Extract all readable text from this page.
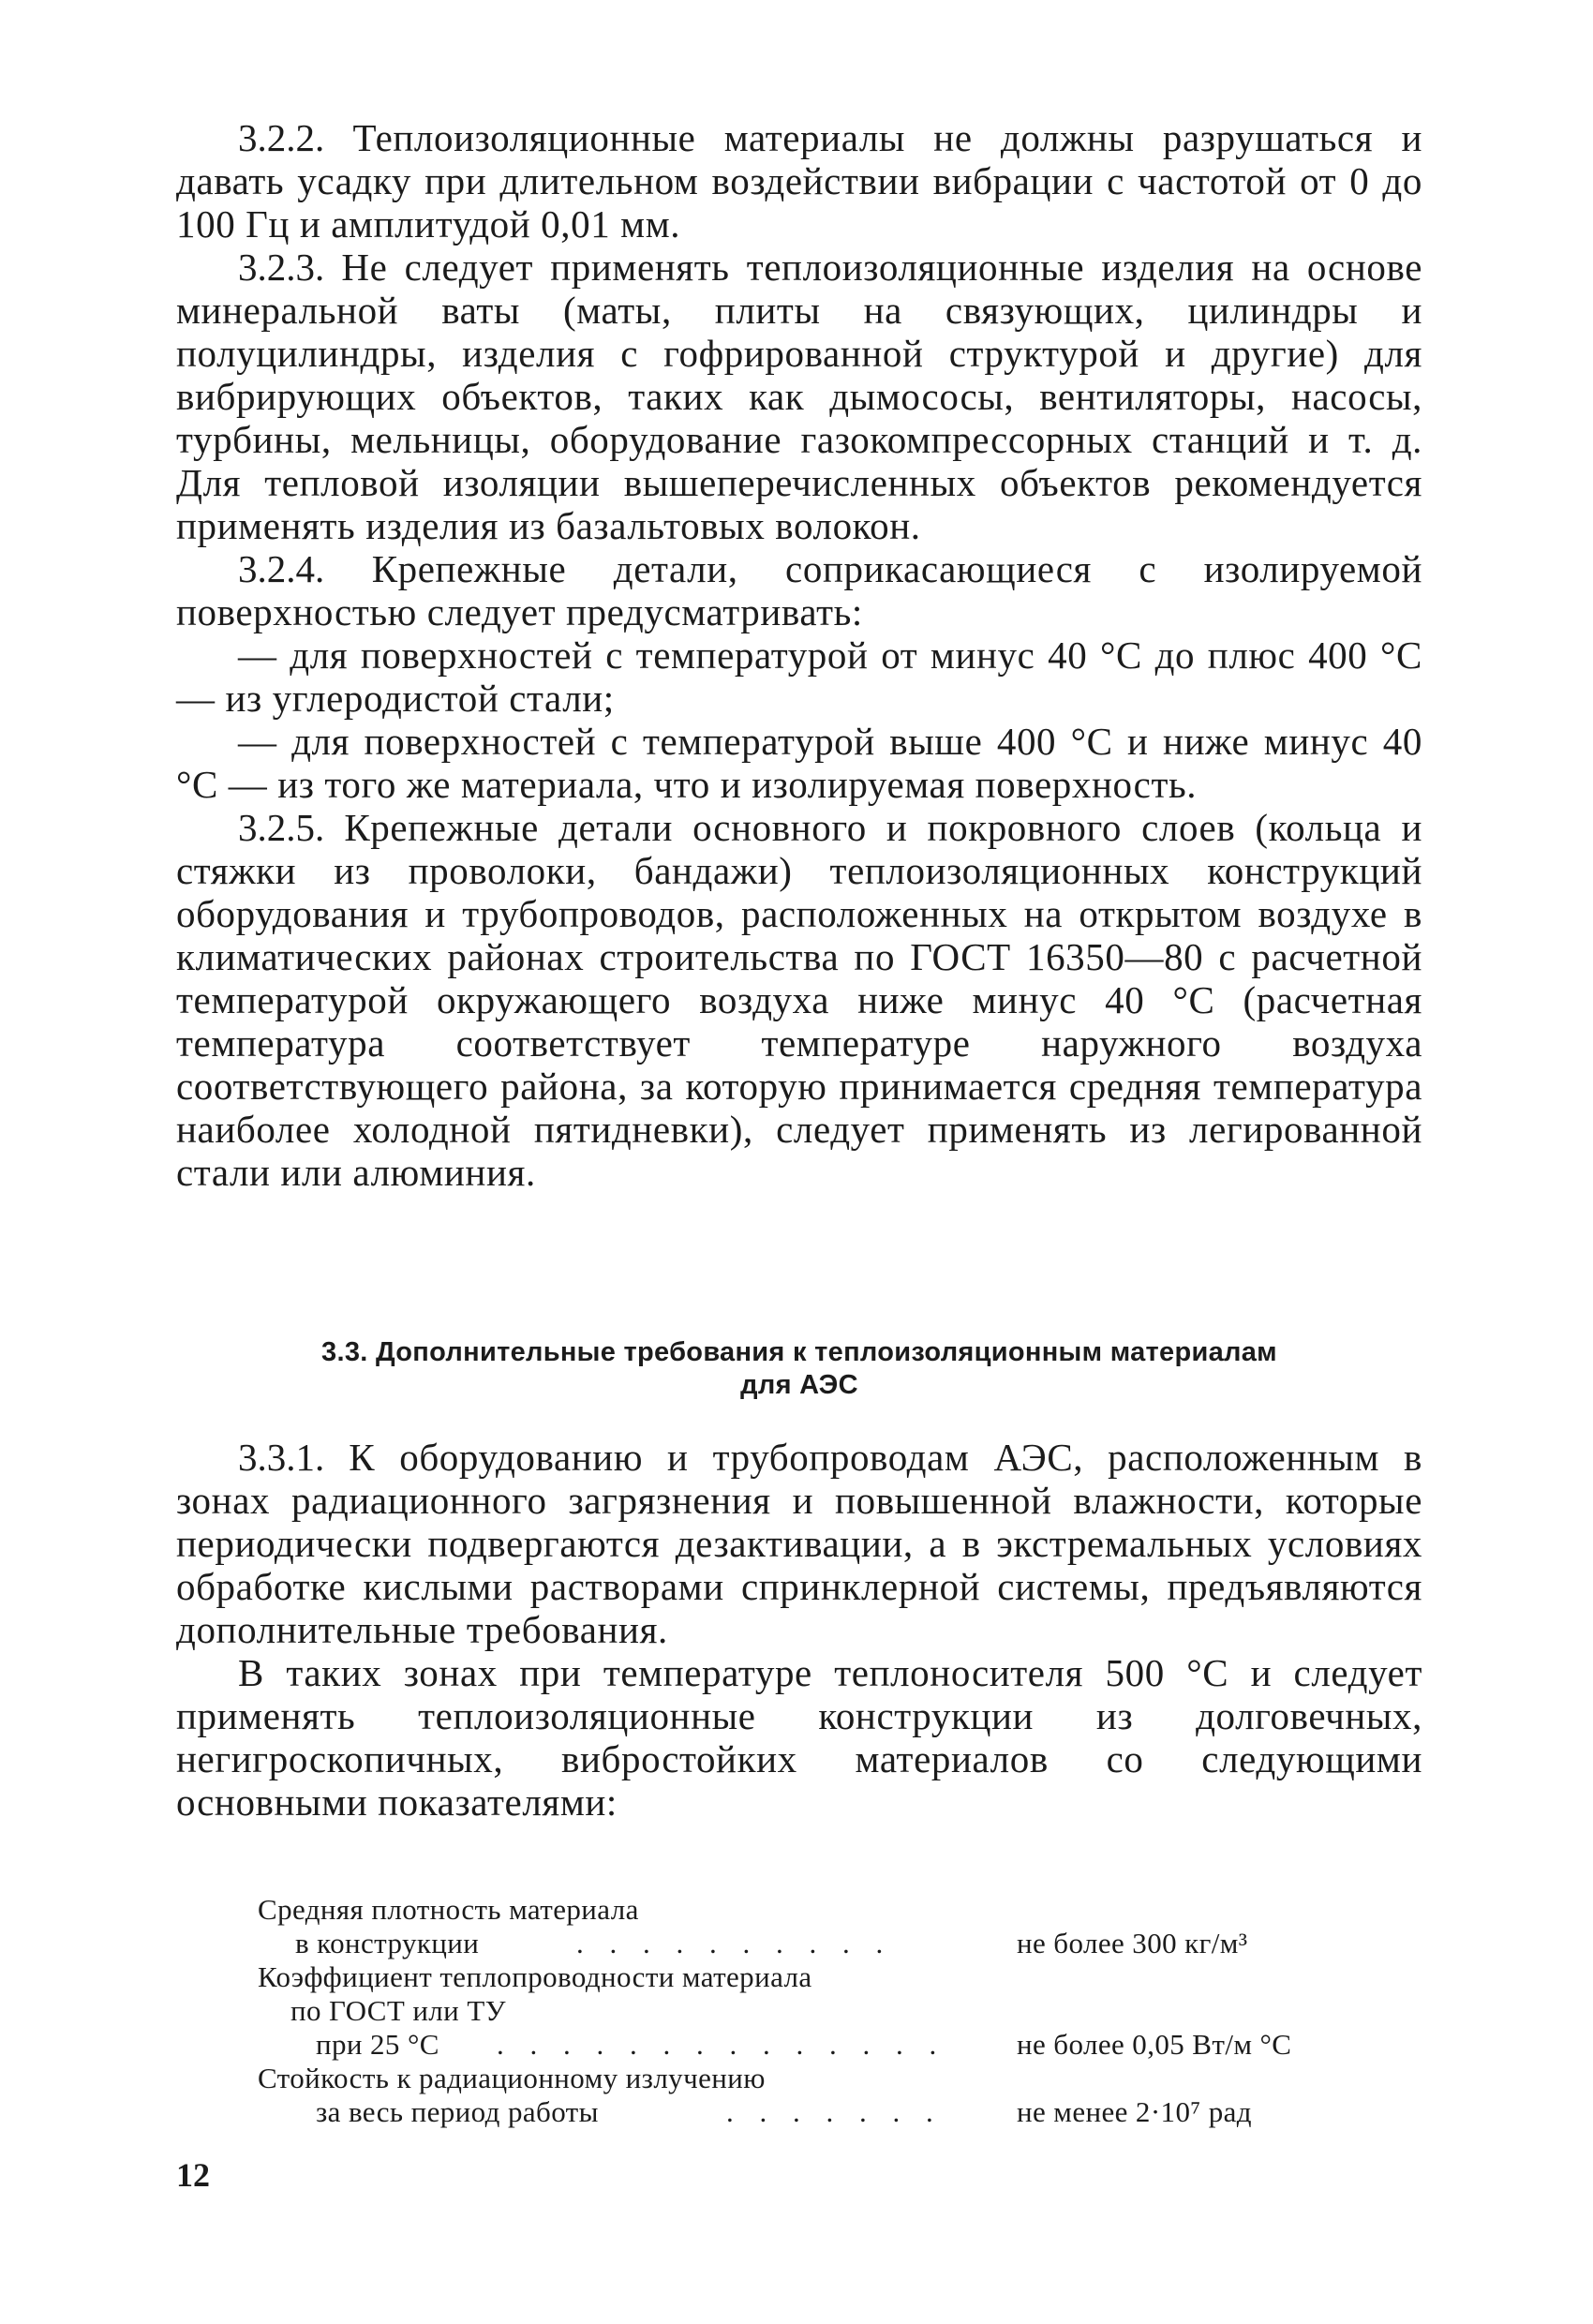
3.2.2. Теплоизоляционные материалы не должны разрушаться и давать усадку при длительном воздействии вибрации с частотой от 0 до 100 Гц и амплитудой 0,01 мм.

3.2.3. Не следует применять теплоизоляционные изделия на основе минеральной ваты (маты, плиты на связующих, цилиндры и полуцилиндры, изделия с гофрированной структурой и другие) для вибрирующих объектов, таких как дымососы, вентиляторы, насосы, турбины, мельницы, оборудование газокомпрессорных станций и т. д. Для тепловой изоляции вышеперечисленных объектов рекомендуется применять изделия из базальтовых волокон.

3.2.4. Крепежные детали, соприкасающиеся с изолируемой поверхностью следует предусматривать:

— для поверхностей с температурой от минус 40 °C до плюс 400 °C — из углеродистой стали;

— для поверхностей с температурой выше 400 °C и ниже минус 40 °C — из того же материала, что и изолируемая поверхность.

3.2.5. Крепежные детали основного и покровного слоев (кольца и стяжки из проволоки, бандажи) теплоизоляционных конструкций оборудования и трубопроводов, расположенных на открытом воздухе в климатических районах строительства по ГОСТ 16350—80 с расчетной температурой окружающего воздуха ниже минус 40 °C (расчетная температура соответствует температуре наружного воздуха соответствующего района, за которую принимается средняя температура наиболее холодной пятидневки), следует применять из легированной стали или алюминия.

3.3. Дополнительные требования к теплоизоляционным материалам
для АЭС

3.3.1. К оборудованию и трубопроводам АЭС, расположенным в зонах радиационного загрязнения и повышенной влажности, которые периодически подвергаются дезактивации, а в экстремальных условиях обработке кислыми растворами спринклерной системы, предъявляются дополнительные требования.

В таких зонах при температуре теплоносителя 500 °C и следует применять теплоизоляционные конструкции из долговечных, негигроскопичных, вибростойких материалов со следующими основными показателями:

Средняя плотность материала
в конструкции	. . . . . . . . . .	не более 300 кг/м³
Коэффициент теплопроводности материала
по ГОСТ или ТУ
при 25 °C . . . . . . . . . . . . . . не более 0,05 Вт/м °C
Стойкость к радиационному излучению
за весь период работы	. . . . . . .	не менее 2·10⁷ рад
12
